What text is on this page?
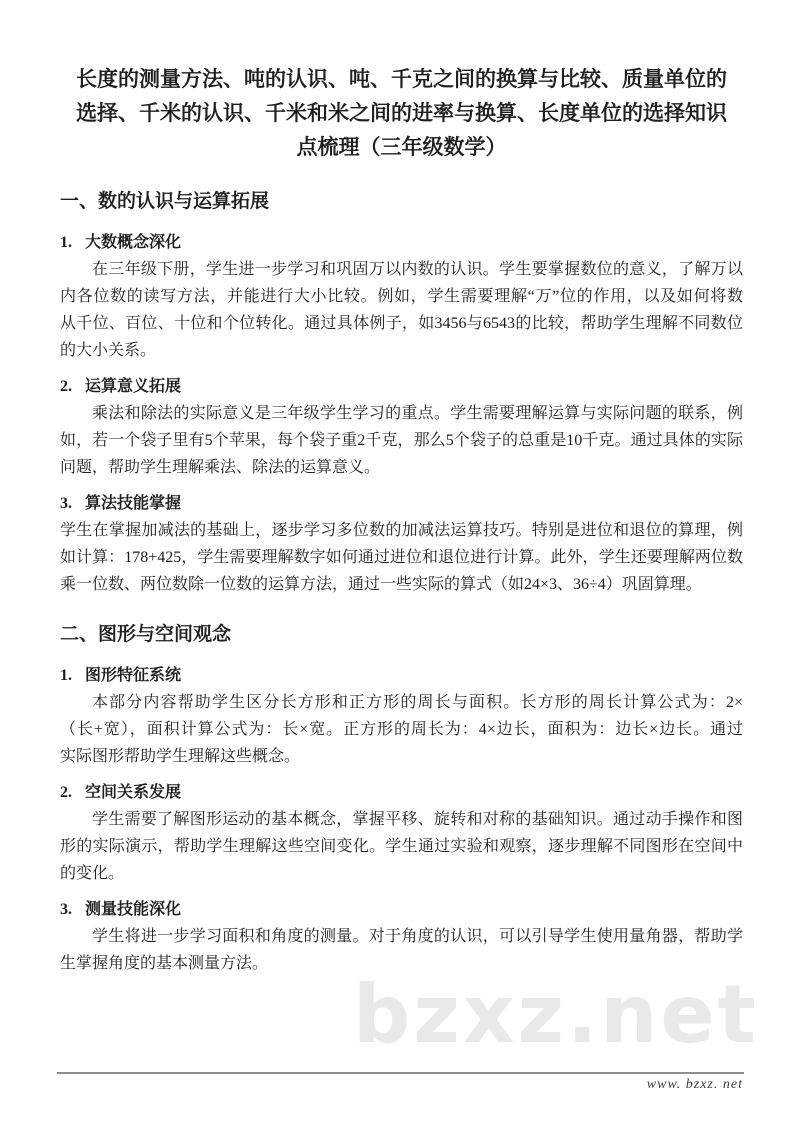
长度的测量方法、吨的认识、吨、千克之间的换算与比较、质量单位的
选择、千米的认识、千米和米之间的进率与换算、长度单位的选择知识
点梳理（三年级数学）
一、数的认识与运算拓展
1. 大数概念深化
在三年级下册，学生进一步学习和巩固万以内数的认识。学生要掌握数位的意义，了解万以
内各位数的读写方法，并能进行大小比较。例如，学生需要理解“万”位的作用，以及如何将数
从千位、百位、十位和个位转化。通过具体例子，如3456与6543的比较，帮助学生理解不同数位
的大小关系。
2. 运算意义拓展
乘法和除法的实际意义是三年级学生学习的重点。学生需要理解运算与实际问题的联系，例
如，若一个袋子里有5个苹果，每个袋子重2千克，那么5个袋子的总重是10千克。通过具体的实际
问题，帮助学生理解乘法、除法的运算意义。
3. 算法技能掌握
学生在掌握加减法的基础上，逐步学习多位数的加减法运算技巧。特别是进位和退位的算理，例
如计算：178+425，学生需要理解数字如何通过进位和退位进行计算。此外，学生还要理解两位数
乘一位数、两位数除一位数的运算方法，通过一些实际的算式（如24×3、36÷4）巩固算理。
二、图形与空间观念
1. 图形特征系统
本部分内容帮助学生区分长方形和正方形的周长与面积。长方形的周长计算公式为：2×
（长+宽），面积计算公式为：长×宽。正方形的周长为：4×边长，面积为：边长×边长。通过
实际图形帮助学生理解这些概念。
2. 空间关系发展
学生需要了解图形运动的基本概念，掌握平移、旋转和对称的基础知识。通过动手操作和图
形的实际演示，帮助学生理解这些空间变化。学生通过实验和观察，逐步理解不同图形在空间中
的变化。
3. 测量技能深化
学生将进一步学习面积和角度的测量。对于角度的认识，可以引导学生使用量角器，帮助学
生掌握角度的基本测量方法。
bzxz.net
www. bzxz. net
